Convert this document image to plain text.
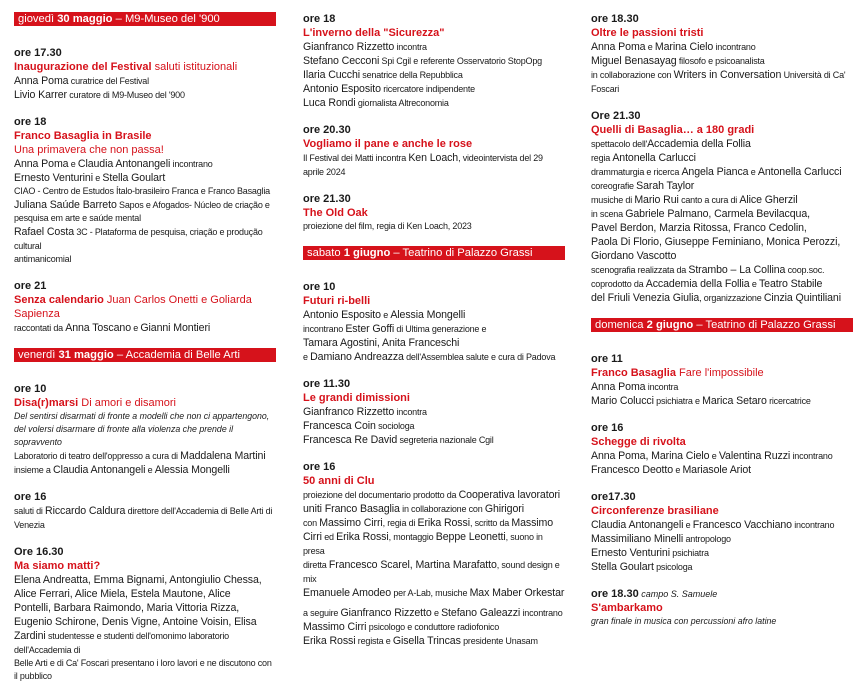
giovedì 30 maggio – M9-Museo del '900
ore 17.30
Inaugurazione del Festival saluti istituzionali
Anna Poma curatrice del Festival
Livio Karrer curatore di M9-Museo del '900
ore 18
Franco Basaglia in Brasile
Una primavera che non passa!
Anna Poma e Claudia Antonangeli incontrano
Ernesto Venturini e Stella Goulart
CIAO - Centro de Estudos Ítalo-brasileiro Franca e Franco Basaglia
Juliana Saúde Barreto Sapos e Afogados- Núcleo de criação e
pesquisa em arte e saúde mental
Rafael Costa 3C - Plataforma de pesquisa, criação e produção cultural
antimanicomial
ore 21
Senza calendario Juan Carlos Onetti e Goliarda Sapienza
raccontati da Anna Toscano e Gianni Montieri
venerdì 31 maggio – Accademia di Belle Arti
ore 10
Disa(r)marsi Di amori e disamori
Del sentirsi disarmati di fronte a modelli che non ci appartengono,
del volersi disarmare di fronte alla violenza che prende il sopravvento
Laboratorio di teatro dell'oppresso a cura di Maddalena Martini
insieme a Claudia Antonangeli e Alessia Mongelli
ore 16
saluti di Riccardo Caldura direttore dell'Accademia di Belle Arti di Venezia
Ore 16.30
Ma siamo matti?
Elena Andreatta, Emma Bignami, Antongiulio Chessa,
Alice Ferrari, Alice Miela, Estela Mautone, Alice
Pontelli, Barbara Raimondo, Maria Vittoria Rizza,
Eugenio Schirone, Denis Vigne, Antoine Voisin, Elisa
Zardini studentesse e studenti dell'omonimo laboratorio dell'Accademia di
Belle Arti e di Ca' Foscari presentano i loro lavori e ne discutono con il pubblico
ore 18
L'inverno della "Sicurezza"
Gianfranco Rizzetto incontra
Stefano Cecconi Spi Cgil e referente Osservatorio StopOpg
Ilaria Cucchi senatrice della Repubblica
Antonio Esposito ricercatore indipendente
Luca Rondi giornalista Altreconomia
ore 20.30
Vogliamo il pane e anche le rose
Il Festival dei Matti incontra Ken Loach, videointervista del 29 aprile 2024
ore 21.30
The Old Oak
proiezione del film, regia di Ken Loach, 2023
sabato 1 giugno – Teatrino di Palazzo Grassi
ore 10
Futuri ri-belli
Antonio Esposito e Alessia Mongelli
incontrano Ester Goffi di Ultima generazione e
Tamara Agostini, Anita Franceschi
e Damiano Andreazza dell'Assemblea salute e cura di Padova
ore 11.30
Le grandi dimissioni
Gianfranco Rizzetto incontra
Francesca Coin sociologa
Francesca Re David segreteria nazionale Cgil
ore 16
50 anni di Clu
proiezione del documentario prodotto da Cooperativa lavoratori
uniti Franco Basaglia in collaborazione con Ghirigori
con Massimo Cirri, regia di Erika Rossi, scritto da Massimo
Cirri ed Erika Rossi, montaggio Beppe Leonetti, suono in presa
diretta Francesco Scarel, Martina Marafatto, sound design e mix
Emanuele Amodeo per A-Lab, musiche Max Maber Orkestar
a seguire Gianfranco Rizzetto e Stefano Galeazzi incontrano
Massimo Cirri psicologo e conduttore radiofonico
Erika Rossi regista e Gisella Trincas presidente Unasam
ore 18.30
Oltre le passioni tristi
Anna Poma e Marina Cielo incontrano
Miguel Benasayag filosofo e psicoanalista
in collaborazione con Writers in Conversation Università di Ca' Foscari
Ore 21.30
Quelli di Basaglia… a 180 gradi
spettacolo dell'Accademia della Follia
regia Antonella Carlucci
drammaturgia e ricerca Angela Pianca e Antonella Carlucci
coreografie Sarah Taylor
musiche di Mario Rui canto a cura di Alice Gherzil
in scena Gabriele Palmano, Carmela Bevilacqua,
Pavel Berdon, Marzia Ritossa, Franco Cedolin,
Paola Di Florio, Giuseppe Feminiano, Monica Perozzi,
Giordano Vascotto
scenografia realizzata da Strambo – La Collina coop.soc.
coprodotto da Accademia della Follia e Teatro Stabile
del Friuli Venezia Giulia, organizzazione Cinzia Quintiliani
domenica 2 giugno – Teatrino di Palazzo Grassi
ore 11
Franco Basaglia Fare l'impossibile
Anna Poma incontra
Mario Colucci psichiatra e Marica Setaro ricercatrice
ore 16
Schegge di rivolta
Anna Poma, Marina Cielo e Valentina Ruzzi incontrano
Francesco Deotto e Mariasole Ariot
ore17.30
Circonferenze brasiliane
Claudia Antonangeli e Francesco Vacchiano incontrano
Massimiliano Minelli antropologo
Ernesto Venturini psichiatra
Stella Goulart psicologa
ore 18.30 campo S. Samuele
S'ambarkamo
gran finale in musica con percussioni afro latine
